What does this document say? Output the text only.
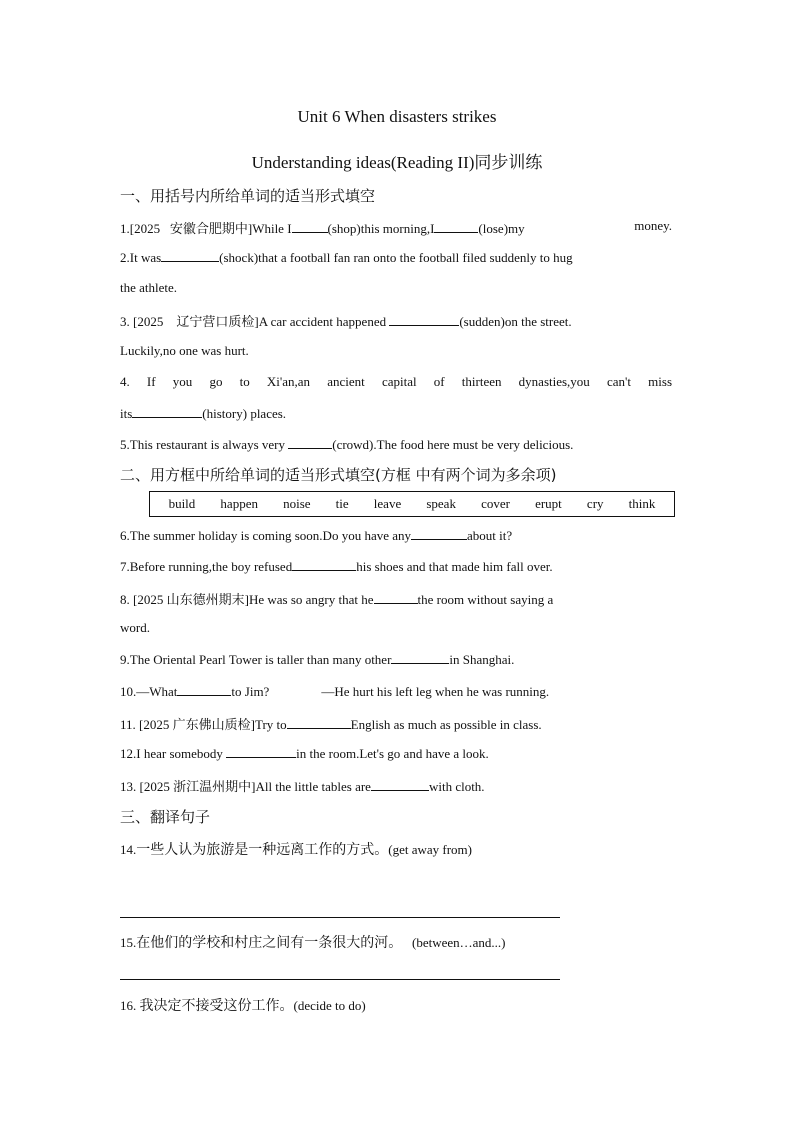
Unit 6 When disasters strikes
Understanding ideas(Reading II)同步训练
一、用括号内所给单词的适当形式填空
1.[2025 安徽合肥期中]While I	(shop)this morning,I	(lose)my	money.
2.It was	(shock)that a football fan ran onto the football filed suddenly to hug
the athlete.
3. [2025 辽宁营口质检]A car accident happened	(sudden)on the street.
Luckily,no one was hurt.
4. If you go to Xi'an,an ancient capital of thirteen dynasties,you can't miss
its	(history) places.
5.This restaurant is always very	(crowd).The food here must be very delicious.
二、用方框中所给单词的适当形式填空(方框 中有两个词为多余项)
build happen noise tie leave speak cover erupt cry think
6.The summer holiday is coming soon.Do you have any	about it?
7.Before running,the boy refused	his shoes and that made him fall over.
8. [2025 山东德州期末]He was so angry that he	the room without saying a
word.
9.The Oriental Pearl Tower is taller than many other	in Shanghai.
10.—What	to Jim?	—He hurt his left leg when he was running.
11. [2025 广东佛山质检]Try to	English as much as possible in class.
12.I hear somebody	in the room.Let's go and have a look.
13. [2025 浙江温州期中]All the little tables are	with cloth.
三、翻译句子
14.一些人认为旅游是一种远离工作的方式。(get away from)
15.在他们的学校和村庄之间有一条很大的河。 (between…and...)
16. 我决定不接受这份工作。(decide to do)
